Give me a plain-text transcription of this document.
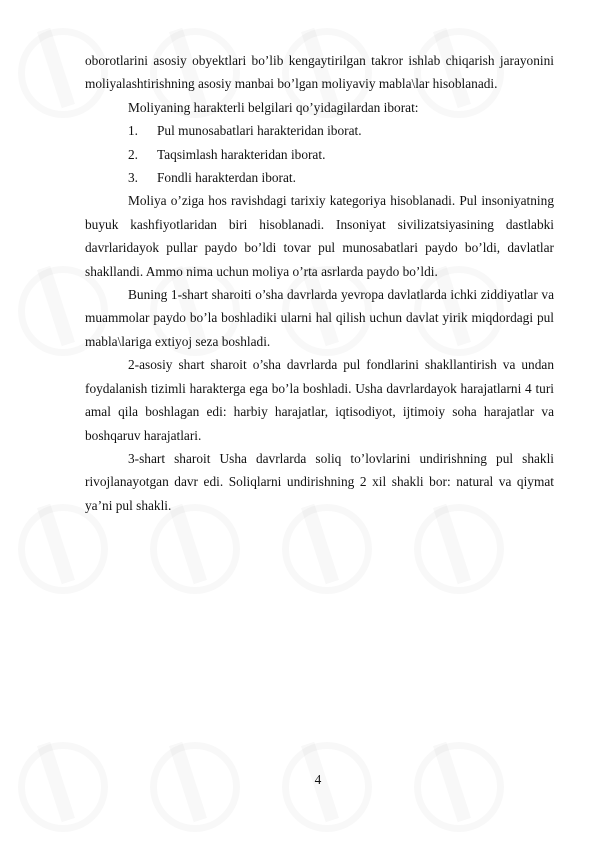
oborotlarini asosiy obyektlari bo’lib kengaytirilgan takror ishlab chiqarish jarayonini moliyalashtirishning asosiy manbai bo’lgan moliyaviy mabla\lar hisoblanadi.

Moliyaning harakterli belgilari qo’yidagilardan iborat:

1.	Pul munosabatlari harakteridan iborat.
2.	Taqsimlash harakteridan iborat.
3.	Fondli harakterdan iborat.

Moliya o’ziga hos ravishdagi tarixiy kategoriya hisoblanadi. Pul insoniyatning buyuk kashfiyotlaridan biri hisoblanadi. Insoniyat sivilizatsiyasining dastlabki davrlaridayok pullar paydo bo’ldi tovar pul munosabatlari paydo bo’ldi, davlatlar shakllandi. Ammo nima uchun moliya o’rta asrlarda paydo bo’ldi.

Buning 1-shart sharoiti o’sha davrlarda yevropa davlatlarda ichki ziddiyatlar va muammolar paydo bo’la boshladiki ularni hal qilish uchun davlat yirik miqdordagi pul mabla\lariga extiyoj seza boshladi.

2-asosiy shart sharoit o’sha davrlarda pul fondlarini shakllantirish va undan foydalanish tizimli harakterga ega bo’la boshladi. Usha davrlardayok harajatlarni 4 turi amal qila boshlagan edi: harbiy harajatlar, iqtisodiyot, ijtimoiy soha harajatlar va boshqaruv harajatlari.

3-shart sharoit Usha davrlarda soliq to’lovlarini undirishning pul shakli rivojlanayotgan davr edi. Soliqlarni undirishning 2 xil shakli bor: natural va qiymat ya’ni pul shakli.

4
